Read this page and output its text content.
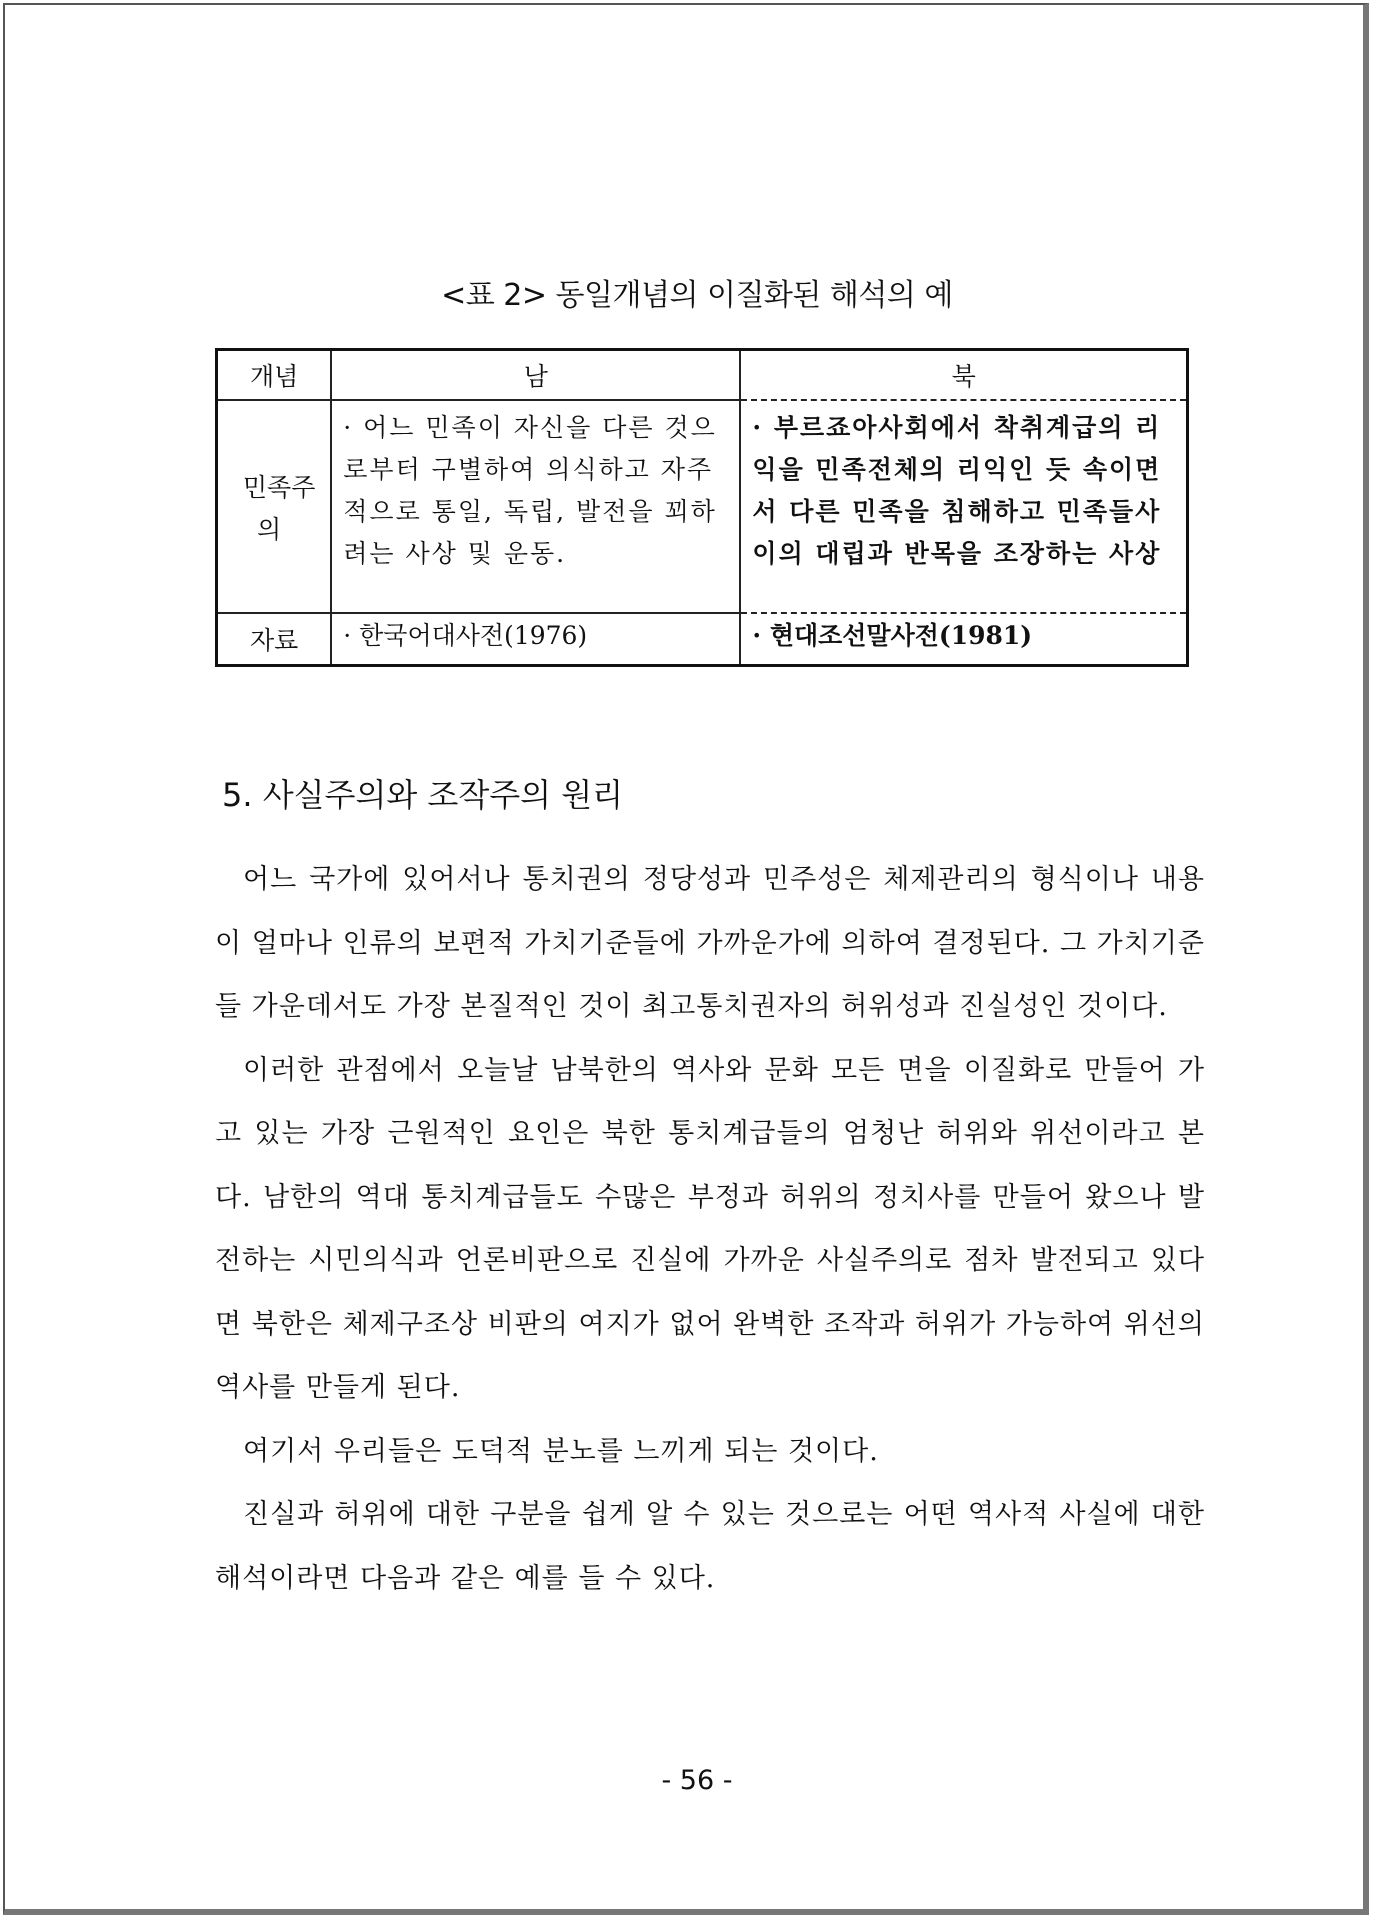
<표 2> 동일개념의 이질화된 해석의 예
개념	남	북
민족주의	· 어느 민족이 자신을 다른 것으로부터 구별하여 의식하고 자주적으로 통일, 독립, 발전을 꾀하려는 사상 및 운동.	· 부르죠아사회에서 착취계급의 리익을 민족전체의 리익인 듯 속이면서 다른 민족을 침해하고 민족들사이의 대립과 반목을 조장하는 사상

자료	· 한국어대사전(1976)	· 현대조선말사전(1981)
5. 사실주의와 조작주의 원리

어느 국가에 있어서나 통치권의 정당성과 민주성은 체제관리의 형식이나 내용이 얼마나 인류의 보편적 가치기준들에 가까운가에 의하여 결정된다. 그 가치기준들 가운데서도 가장 본질적인 것이 최고통치권자의 허위성과 진실성인 것이다.

이러한 관점에서 오늘날 남북한의 역사와 문화 모든 면을 이질화로 만들어 가고 있는 가장 근원적인 요인은 북한 통치계급들의 엄청난 허위와 위선이라고 본다. 남한의 역대 통치계급들도 수많은 부정과 허위의 정치사를 만들어 왔으나 발전하는 시민의식과 언론비판으로 진실에 가까운 사실주의로 점차 발전되고 있다면 북한은 체제구조상 비판의 여지가 없어 완벽한 조작과 허위가 가능하여 위선의 역사를 만들게 된다.

여기서 우리들은 도덕적 분노를 느끼게 되는 것이다.

진실과 허위에 대한 구분을 쉽게 알 수 있는 것으로는 어떤 역사적 사실에 대한 해석이라면 다음과 같은 예를 들 수 있다.

- 56 -
